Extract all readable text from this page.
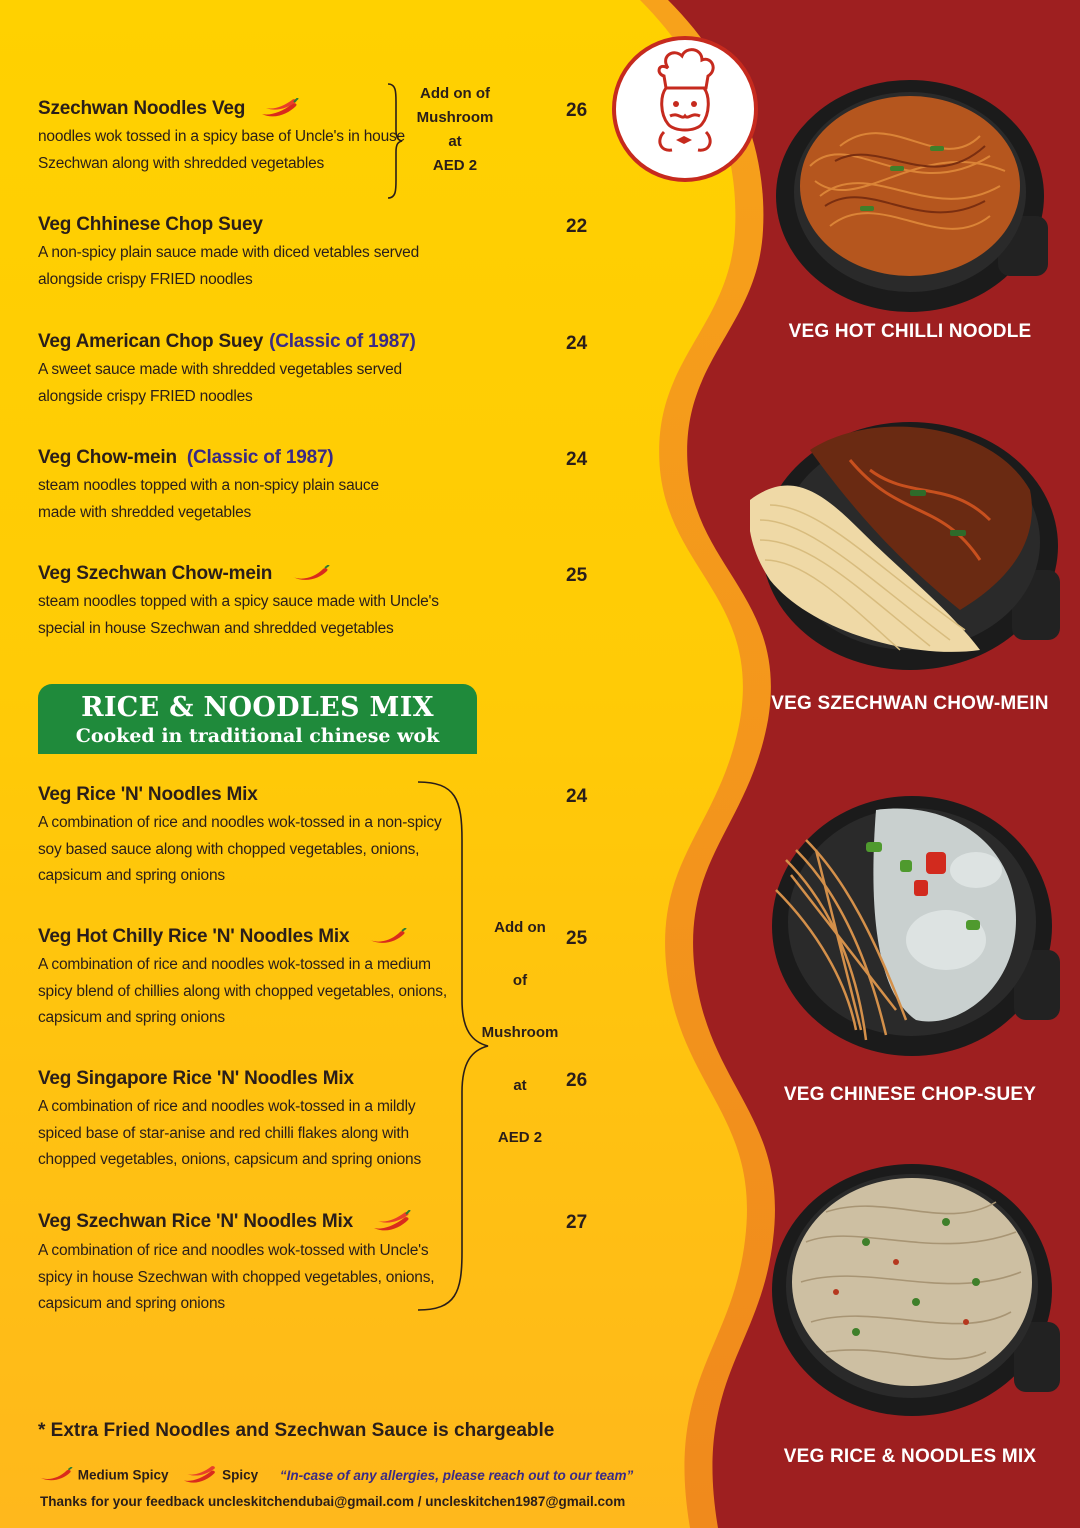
Szechwan Noodles Veg
noodles wok tossed in a spicy base of Uncle's in house
Szechwan along with shredded vegetables
26
Add on of
Mushroom
at
AED 2
Veg Chhinese Chop Suey
A non-spicy plain sauce made with diced vetables served
alongside crispy FRIED noodles
22
Veg American Chop Suey (Classic of 1987)
A sweet sauce made with shredded vegetables served
alongside crispy FRIED noodles
24
Veg Chow-mein (Classic of 1987)
steam noodles topped with a non-spicy plain sauce
made with shredded vegetables
24
Veg Szechwan Chow-mein
steam noodles topped with a spicy sauce made with Uncle's
special in house Szechwan and shredded vegetables
25
RICE & NOODLES MIX
Cooked in traditional chinese wok
Veg Rice 'N' Noodles Mix
A combination of rice and noodles wok-tossed in a non-spicy
soy based sauce along with chopped vegetables, onions,
capsicum and spring onions
24
Veg Hot Chilly Rice 'N' Noodles Mix
A combination of rice and noodles wok-tossed in a medium
spicy blend of chillies along with chopped vegetables, onions,
capsicum and spring onions
25
Veg Singapore Rice 'N' Noodles Mix
A combination of rice and noodles wok-tossed in a mildly
spiced base of star-anise and red chilli flakes along with
chopped vegetables, onions, capsicum and spring onions
26
Veg Szechwan Rice 'N' Noodles Mix
A combination of rice and noodles wok-tossed with Uncle's
spicy in house Szechwan with chopped vegetables, onions,
capsicum and spring onions
27
Add on
of
Mushroom
at
AED 2
VEG HOT CHILLI NOODLE
VEG SZECHWAN CHOW-MEIN
VEG CHINESE CHOP-SUEY
VEG RICE & NOODLES MIX
* Extra Fried Noodles and Szechwan Sauce is chargeable
Medium Spicy	Spicy “In-case of any allergies, please reach out to our team”
Thanks for your feedback uncleskitchendubai@gmail.com / uncleskitchen1987@gmail.com
